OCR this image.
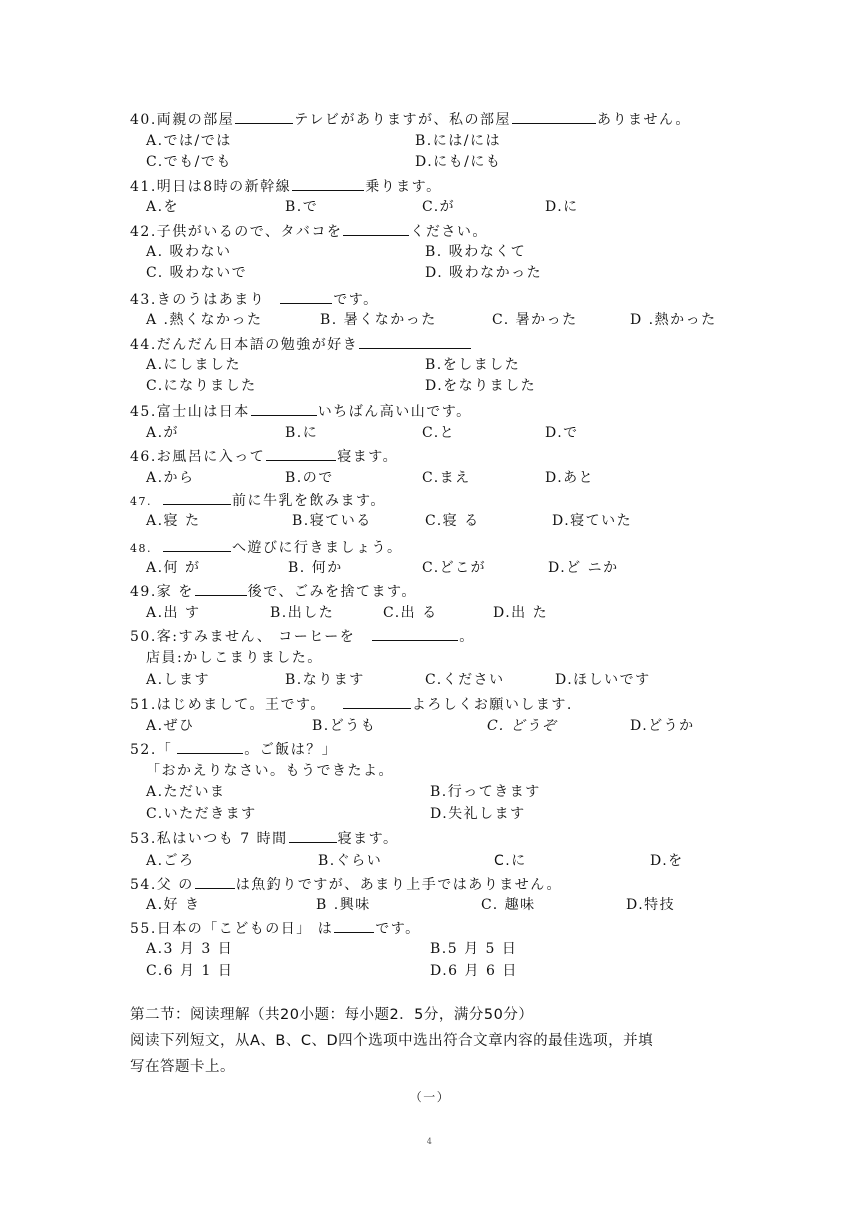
40.両親の部屋	テレビがありますが、私の部屋	ありません。
A.では/では	B.には/には
C.でも/でも	D.にも/にも
41.明日は8時の新幹線	乗ります。
A.を	B.で	C.が	D.に
42.子供がいるので、タバコを	ください。
A. 吸わない	B. 吸わなくて
C. 吸わないで	D. 吸わなかった
43.きのうはあまり	です。
A .熱くなかった	B. 暑くなかった	C. 暑かった	D .熱かった
44.だんだん日本語の勉強が好き
A.にしました	B.をしました
C.になりました	D.をなりました
45.富士山は日本	いちばん高い山です。
A.が	B.に	C.と	D.で
46.お風呂に入って	寝ます。
A.から	B.ので	C.まえ	D.あと
47.	前に牛乳を飲みます。
A.寝 た	B.寝ている	C.寝 る	D.寝ていた
48.	へ遊びに行きましょう。
A.何 が	B. 何か	C.どこが	D.ど ニか
49.家 を	後で、ごみを捨てます。
A.出 す	B.出した	C.出 る	D.出 た
50.客:すみません、 コーヒーを	。
店員:かしこまりました。
A.します	B.なります	C.ください	D.ほしいです
51.はじめまして。王です。	よろしくお願いします.
A.ぜひ	B.どうも	C. どうぞ	D.どうか
52.「	。ご飯は？」
「おかえりなさい。もうできたよ。
A.ただいま	B.行ってきます
C.いただきます	D.失礼します
53.私はいつも 7 時間	寝ます。
A.ごろ	B.ぐらい	C.に	D.を
54.父 の	は魚釣りですが、あまり上手ではありません。
A.好 き	B .興味	C. 趣味	D.特技
55.日本の「こどもの日」 は	です。
A.3 月 3 日	B.5 月 5 日
C.6 月 1 日	D.6 月 6 日
第二节：阅读理解（共20小题：每小题2．5分，满分50分）
阅读下列短文，从A、B、C、D四个选项中选出符合文章内容的最佳选项，并填
写在答题卡上。
（一）
4
